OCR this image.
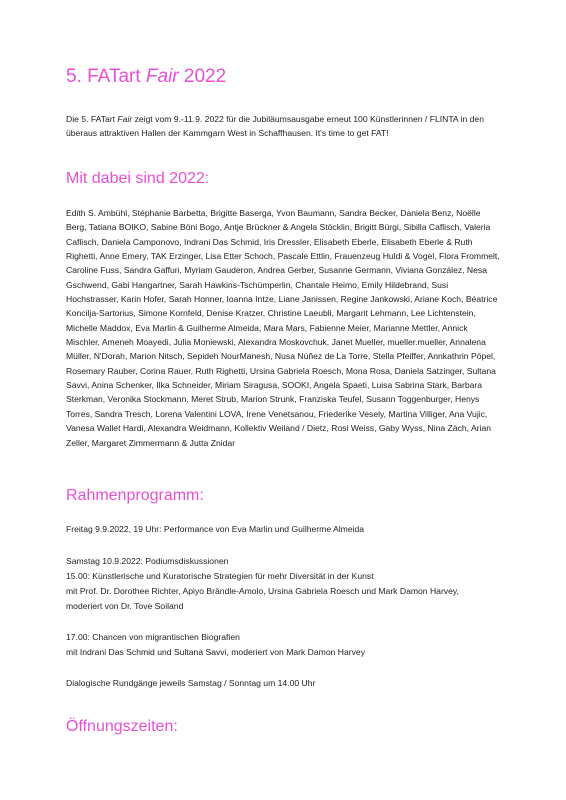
5. FATart Fair 2022
Die 5. FATart Fair zeigt vom 9.-11.9. 2022 für die Jubiläumsausgabe erneut 100 Künstlerinnen / FLINTA in den überaus attraktiven Hallen der Kammgarn West in Schaffhausen. It's time to get FAT!
Mit dabei sind 2022:
Edith S. Ambühl, Stéphanie Barbetta, Brigitte Baserga, Yvon Baumann, Sandra Becker, Daniela Benz, Noëlle Berg, Tatiana BOIKO, Sabine Böni Bogo, Antje Brückner & Angela Stöcklin, Brigitt Bürgi, Sibilla Caflisch, Valeria Caflisch, Daniela Camponovo, Indrani Das Schmid, Iris Dressler, Elisabeth Eberle, Elisabeth Eberle & Ruth Righetti, Anne Emery, TAK Erzinger, Lisa Etter Schoch, Pascale Ettlin, Frauenzeug Huldi & Vogel, Flora Frommelt, Caroline Fuss, Sandra Gaffuri, Myriam Gauderon, Andrea Gerber, Susanne Germann, Viviana González, Nesa Gschwend, Gabi Hangartner, Sarah Hawkins-Tschümperlin, Chantale Heimo, Emily Hildebrand, Susi Hochstrasser, Karin Hofer, Sarah Honner, Ioanna Intze, Liane Janissen, Regine Jankowski, Ariane Koch, Béatrice Koncilja-Sartorius, Simone Kornfeld, Denise Kratzer, Christine Laeubli, Margarit Lehmann, Lee Lichtenstein, Michelle Maddox, Eva Marlin & Guilherme Almeida, Mara Mars, Fabienne Meier, Marianne Mettler, Annick Mischler, Ameneh Moayedi, Julia Moniewski, Alexandra Moskovchuk, Janet Mueller, mueller.mueller, Annalena Müller, N'Dorah, Marion Nitsch, Sepideh NourManesh, Nusa Núñez de La Torre, Stella Pfeiffer, Annkathrin Pöpel, Rosemary Rauber, Corina Rauer, Ruth Righetti, Ursina Gabriela Roesch, Mona Rosa, Daniela Satzinger, Sultana Savvi, Anina Schenker, Ilka Schneider, Miriam Siragusa, SOOKI, Angela Spaeti, Luisa Sabrina Stark, Barbara Sterkman, Veronika Stockmann, Meret Strub, Marion Strunk, Franziska Teufel, Susann Toggenburger, Henys Torres, Sandra Tresch, Lorena Valentini LOVA, Irene Venetsanou, Friederike Vesely, Martina Villiger, Ana Vujic, Vanesa Wallet Hardi, Alexandra Weidmann, Kollektiv Weiland / Dietz, Rosi Weiss, Gaby Wyss, Nina Zäch, Arian Zeller, Margaret Zimmermann & Jutta Znidar
Rahmenprogramm:
Freitag 9.9.2022, 19 Uhr: Performance von Eva Marlin und Guilherme Almeida
Samstag 10.9.2022: Podiumsdiskussionen
15.00: Künstlerische und Kuratorische Strategien für mehr Diversität in der Kunst
mit Prof. Dr. Dorothee Richter, Apiyo Brändle-Amolo, Ursina Gabriela Roesch und Mark Damon Harvey,
moderiert von Dr. Tove Soiland
17.00: Chancen von migrantischen Biografien
mit Indrani Das Schmid und Sultana Savvi, moderiert von Mark Damon Harvey
Dialogische Rundgänge jeweils Samstag / Sonntag um 14.00 Uhr
Öffnungszeiten:
